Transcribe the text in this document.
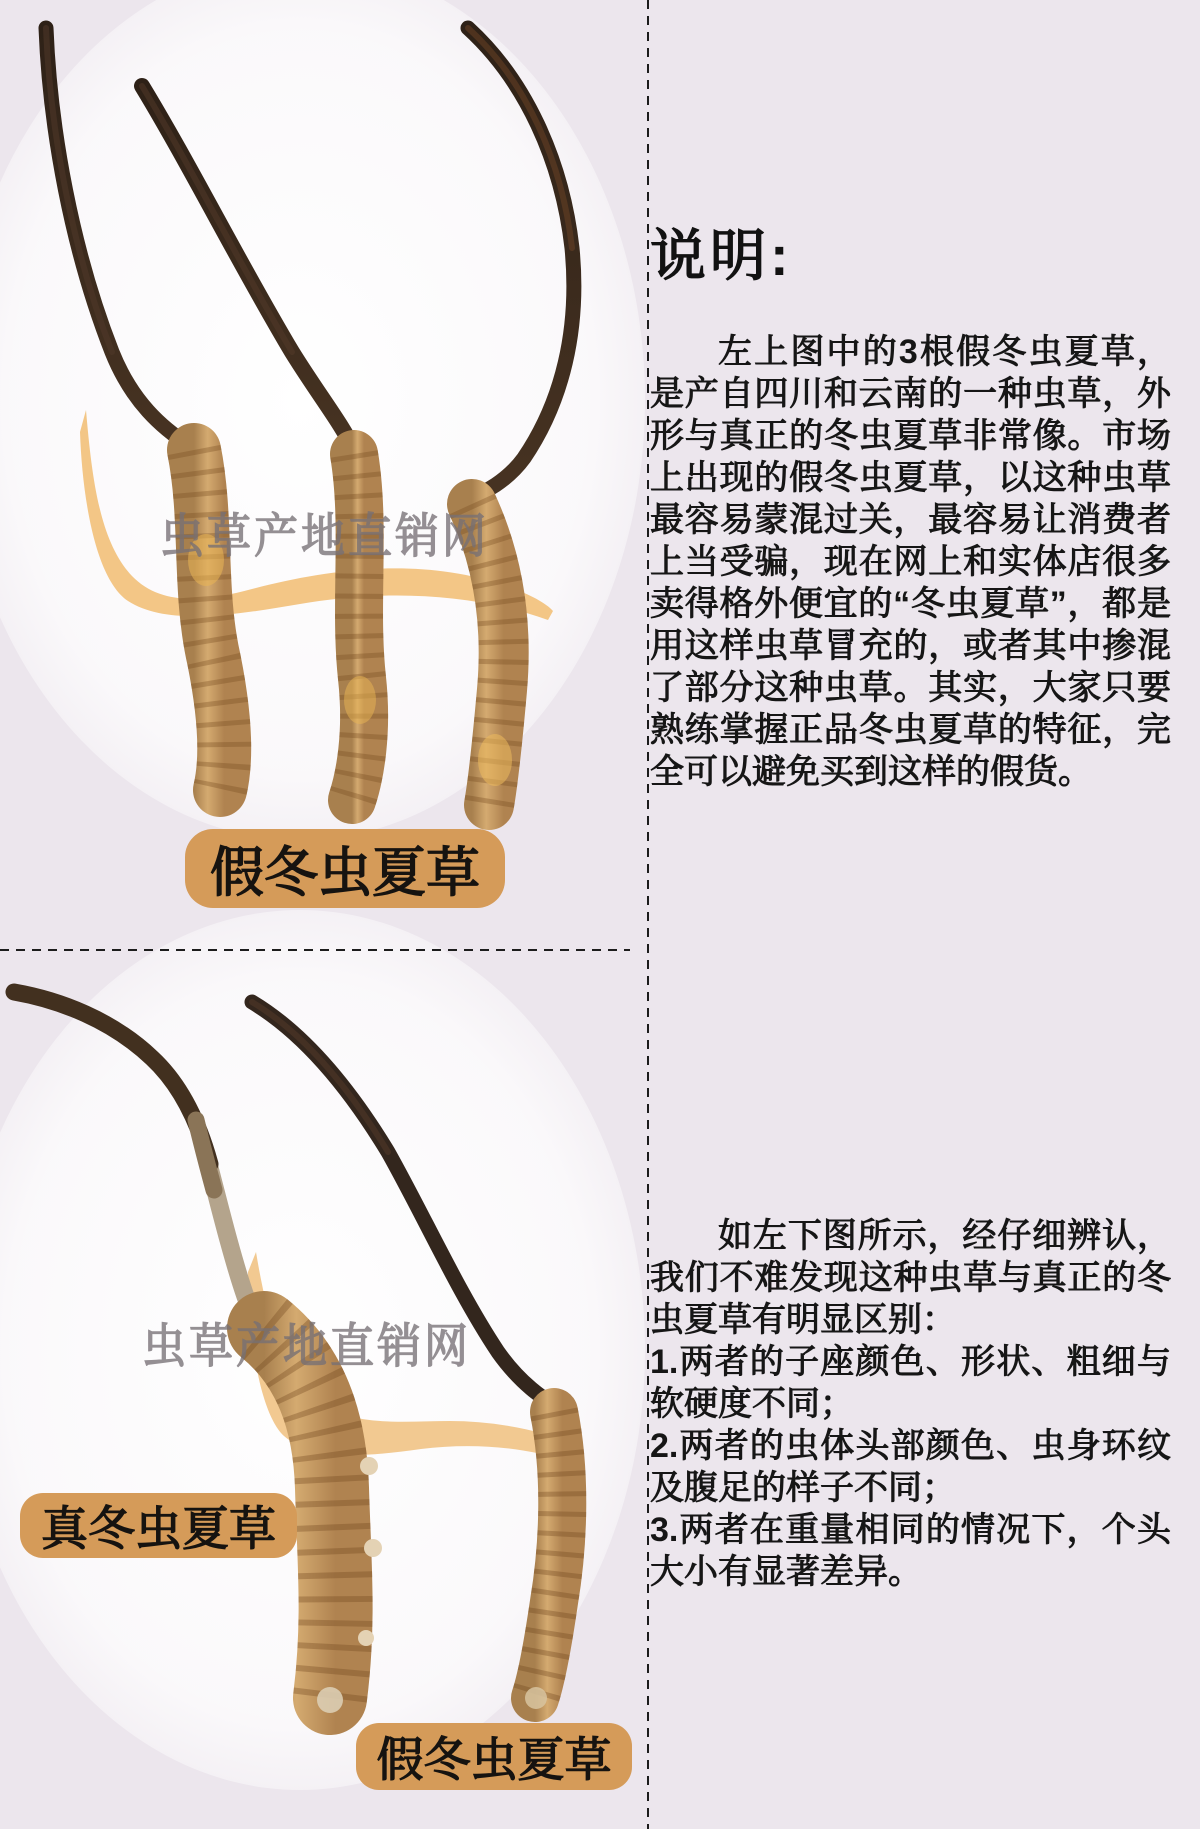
虫草产地直销网
虫草产地直销网
假冬虫夏草
真冬虫夏草
假冬虫夏草
说明:
左上图中的3根假冬虫夏草，是产自四川和云南的一种虫草，外形与真正的冬虫夏草非常像。市场上出现的假冬虫夏草，以这种虫草最容易蒙混过关，最容易让消费者上当受骗，现在网上和实体店很多卖得格外便宜的“冬虫夏草”，都是用这样虫草冒充的，或者其中掺混了部分这种虫草。其实，大家只要熟练掌握正品冬虫夏草的特征，完全可以避免买到这样的假货。
如左下图所示，经仔细辨认，我们不难发现这种虫草与真正的冬虫夏草有明显区别：
1.两者的子座颜色、形状、粗细与软硬度不同；
2.两者的虫体头部颜色、虫身环纹及腹足的样子不同；
3.两者在重量相同的情况下，个头大小有显著差异。
